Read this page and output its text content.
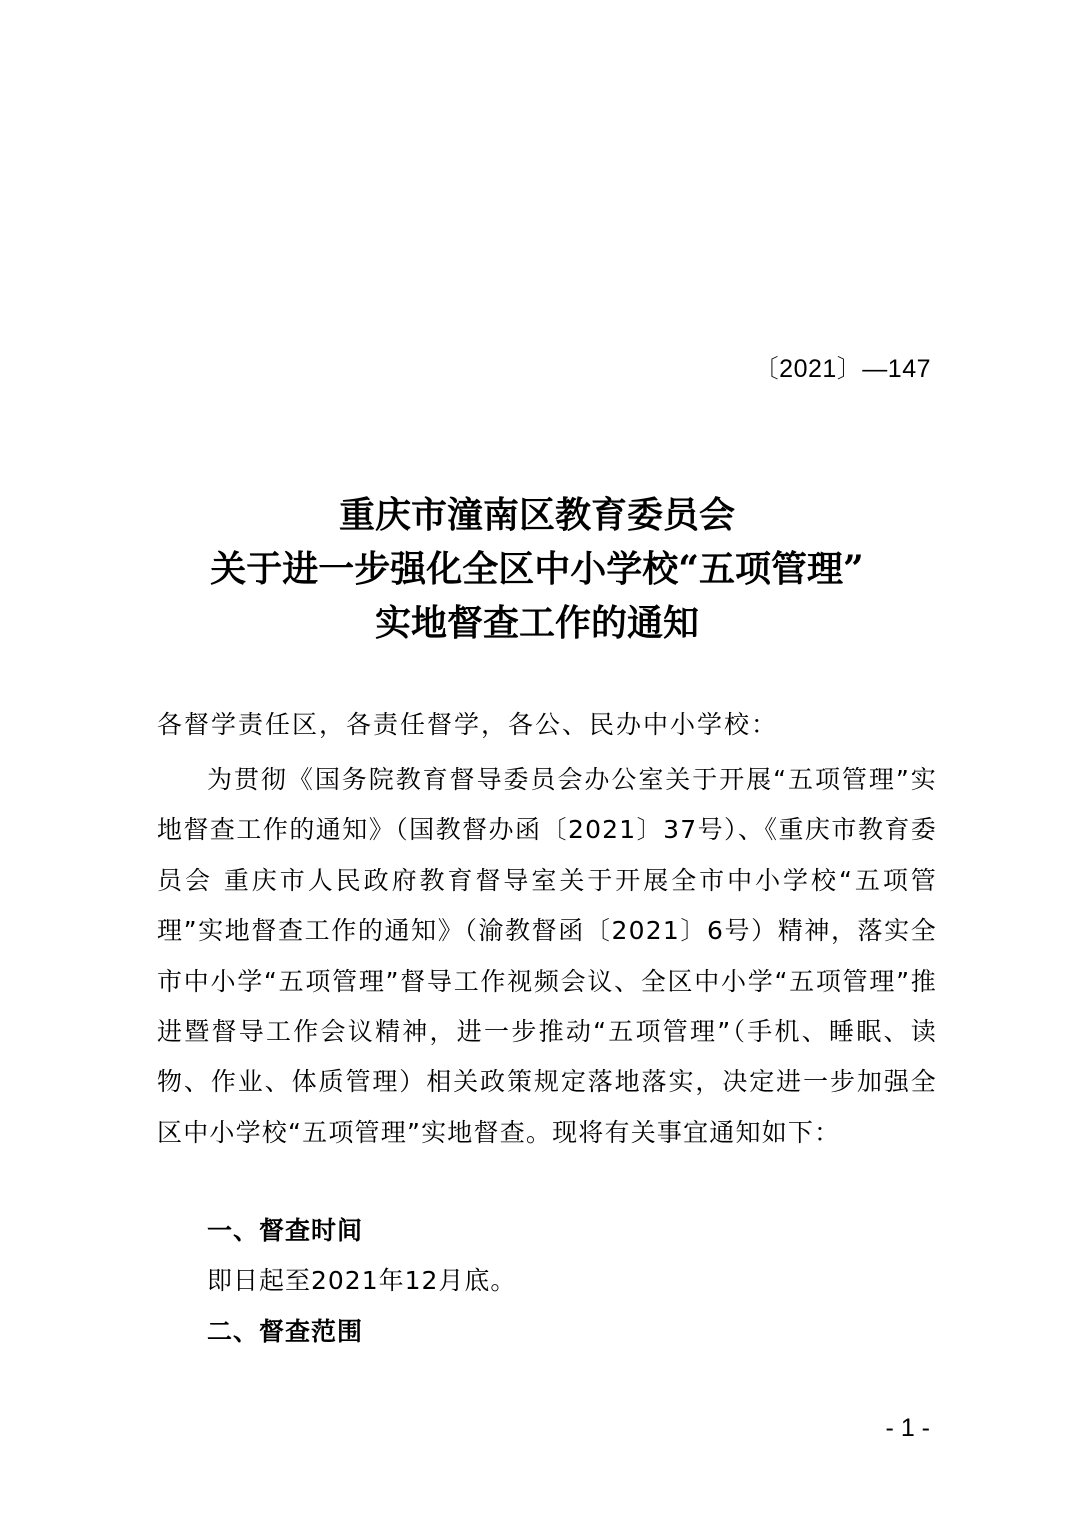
〔2021〕—147
重庆市潼南区教育委员会
关于进一步强化全区中小学校“五项管理”
实地督查工作的通知
各督学责任区，各责任督学，各公、民办中小学校：
为贯彻《国务院教育督导委员会办公室关于开展“五项管理”实地督查工作的通知》（国教督办函〔2021〕37号）、《重庆市教育委员会 重庆市人民政府教育督导室关于开展全市中小学校“五项管理”实地督查工作的通知》（渝教督函〔2021〕6号）精神，落实全市中小学“五项管理”督导工作视频会议、全区中小学“五项管理”推进暨督导工作会议精神，进一步推动“五项管理”（手机、睡眠、读物、作业、体质管理）相关政策规定落地落实，决定进一步加强全区中小学校“五项管理”实地督查。现将有关事宜通知如下：
一、督查时间
即日起至2021年12月底。
二、督查范围
- 1 -
